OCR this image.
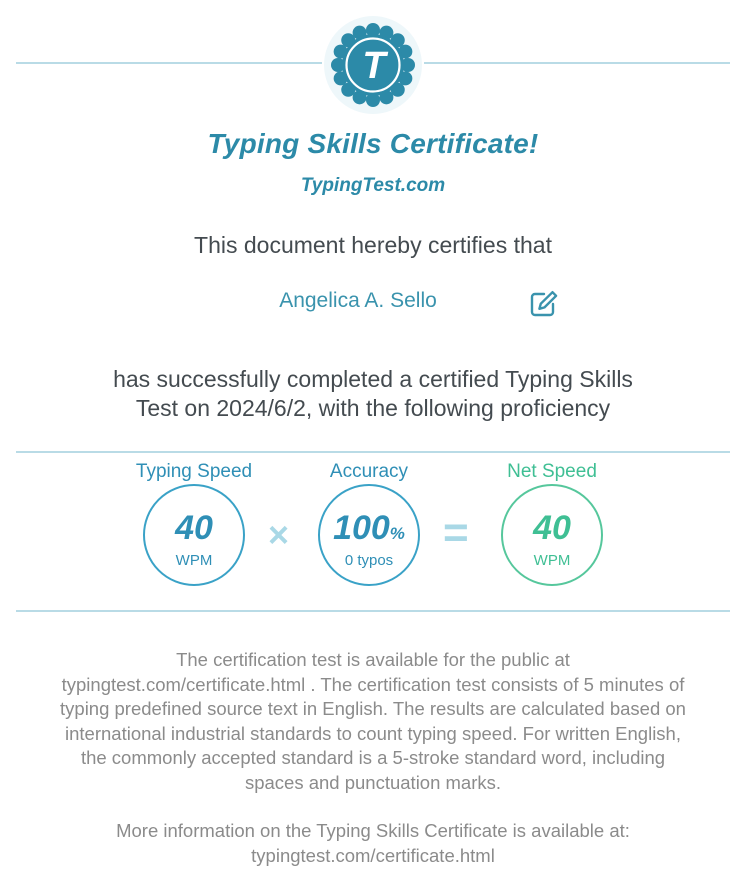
T
Typing Skills Certificate!
TypingTest.com
This document hereby certifies that
Angelica A. Sello
has successfully completed a certified Typing Skills
Test on 2024/6/2, with the following proficiency
Typing Speed
40
WPM
×
Accuracy
100%
0 typos
=
Net Speed
40
WPM
The certification test is available for the public at
typingtest.com/certificate.html . The certification test consists of 5 minutes of
typing predefined source text in English. The results are calculated based on
international industrial standards to count typing speed. For written English,
the commonly accepted standard is a 5-stroke standard word, including
spaces and punctuation marks.
More information on the Typing Skills Certificate is available at:
typingtest.com/certificate.html
